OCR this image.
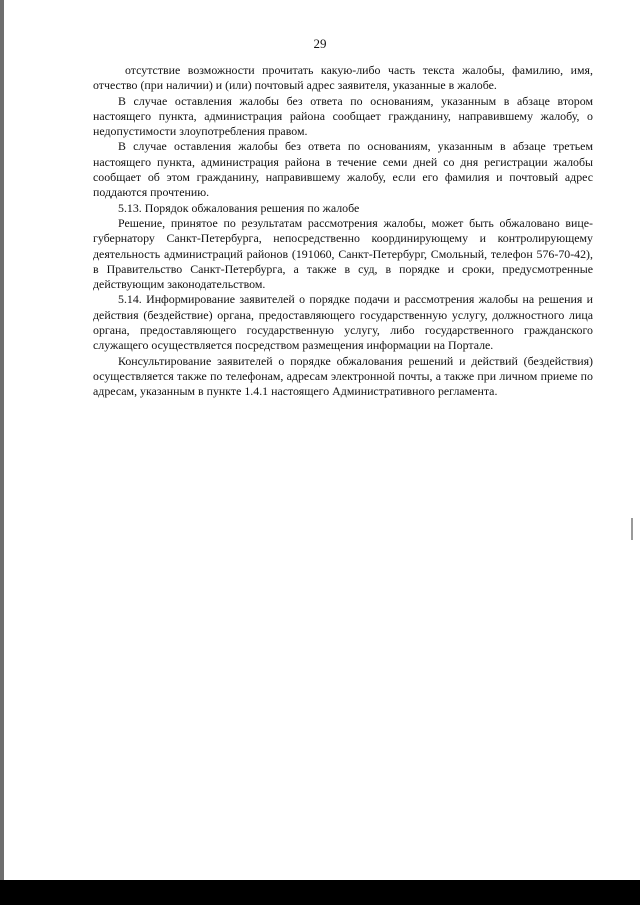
29

отсутствие возможности прочитать какую-либо часть текста жалобы, фамилию, имя, отчество (при наличии) и (или) почтовый адрес заявителя, указанные в жалобе.

В случае оставления жалобы без ответа по основаниям, указанным в абзаце втором настоящего пункта, администрация района сообщает гражданину, направившему жалобу, о недопустимости злоупотребления правом.

В случае оставления жалобы без ответа по основаниям, указанным в абзаце третьем настоящего пункта, администрация района в течение семи дней со дня регистрации жалобы сообщает об этом гражданину, направившему жалобу, если его фамилия и почтовый адрес поддаются прочтению.

5.13. Порядок обжалования решения по жалобе

Решение, принятое по результатам рассмотрения жалобы, может быть обжаловано вице-губернатору Санкт-Петербурга, непосредственно координирующему и контролирующему деятельность администраций районов (191060, Санкт-Петербург, Смольный, телефон 576-70-42), в Правительство Санкт-Петербурга, а также в суд, в порядке и сроки, предусмотренные действующим законодательством.

5.14. Информирование заявителей о порядке подачи и рассмотрения жалобы на решения и действия (бездействие) органа, предоставляющего государственную услугу, должностного лица органа, предоставляющего государственную услугу, либо государственного гражданского служащего осуществляется посредством размещения информации на Портале.

Консультирование заявителей о порядке обжалования решений и действий (бездействия) осуществляется также по телефонам, адресам электронной почты, а также при личном приеме по адресам, указанным в пункте 1.4.1 настоящего Административного регламента.
